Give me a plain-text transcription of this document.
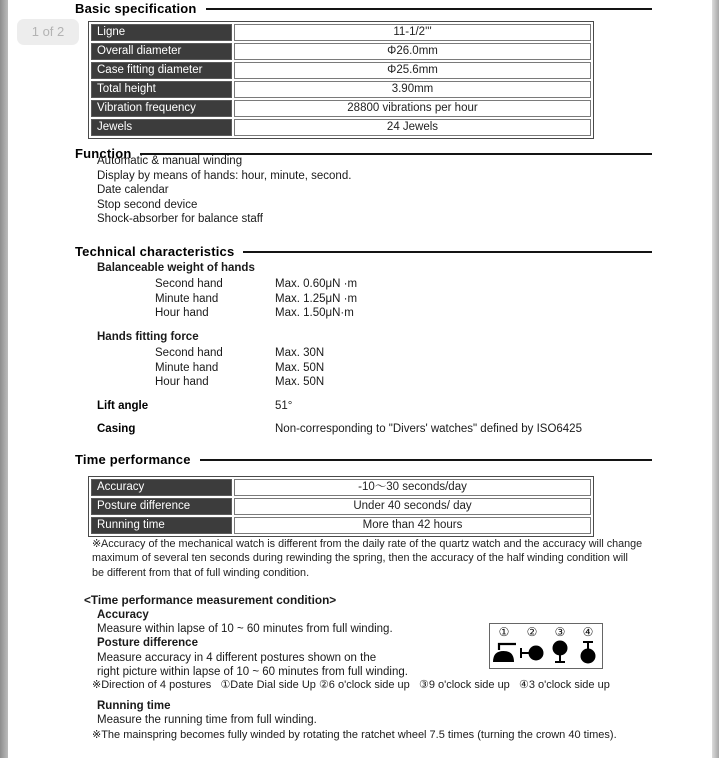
1 of 2
Basic specification
Ligne	11-1/2'''
Overall diameter	Φ26.0mm
Case fitting diameter	Φ25.6mm
Total height	3.90mm
Vibration frequency	28800 vibrations per hour
Jewels	24 Jewels
Function
Automatic & manual winding
Display by means of hands: hour, minute, second.
Date calendar
Stop second device
Shock-absorber for balance staff
Technical characteristics
Balanceable weight of hands
Second hand	Max. 0.60μN ·m
Minute hand	Max. 1.25μN ·m
Hour hand	Max. 1.50μN·m
Hands fitting force
Second hand	Max. 30N
Minute hand	Max. 50N
Hour hand	Max. 50N
Lift angle	51°
Casing	Non-corresponding to "Divers' watches" defined by ISO6425
Time performance
Accuracy	-10～30 seconds/day
Posture difference	Under 40 seconds/ day
Running time	More than 42 hours
※Accuracy of the mechanical watch is different from the daily rate of the quartz watch and the accuracy will change
maximum of several ten seconds during rewinding the spring, then the accuracy of the half winding condition will
be different from that of full winding condition.
<Time performance measurement condition>
Accuracy
Measure within lapse of 10 ~ 60 minutes from full winding.
Posture difference
Measure accuracy in 4 different postures shown on the
right picture within lapse of 10 ~ 60 minutes from full winding.
※Direction of 4 postures   ①Date Dial side Up ②6 o'clock side up   ③9 o'clock side up   ④3 o'clock side up
① ② ③ ④
Running time
Measure the running time from full winding.
※The mainspring becomes fully winded by rotating the ratchet wheel 7.5 times (turning the crown 40 times).
